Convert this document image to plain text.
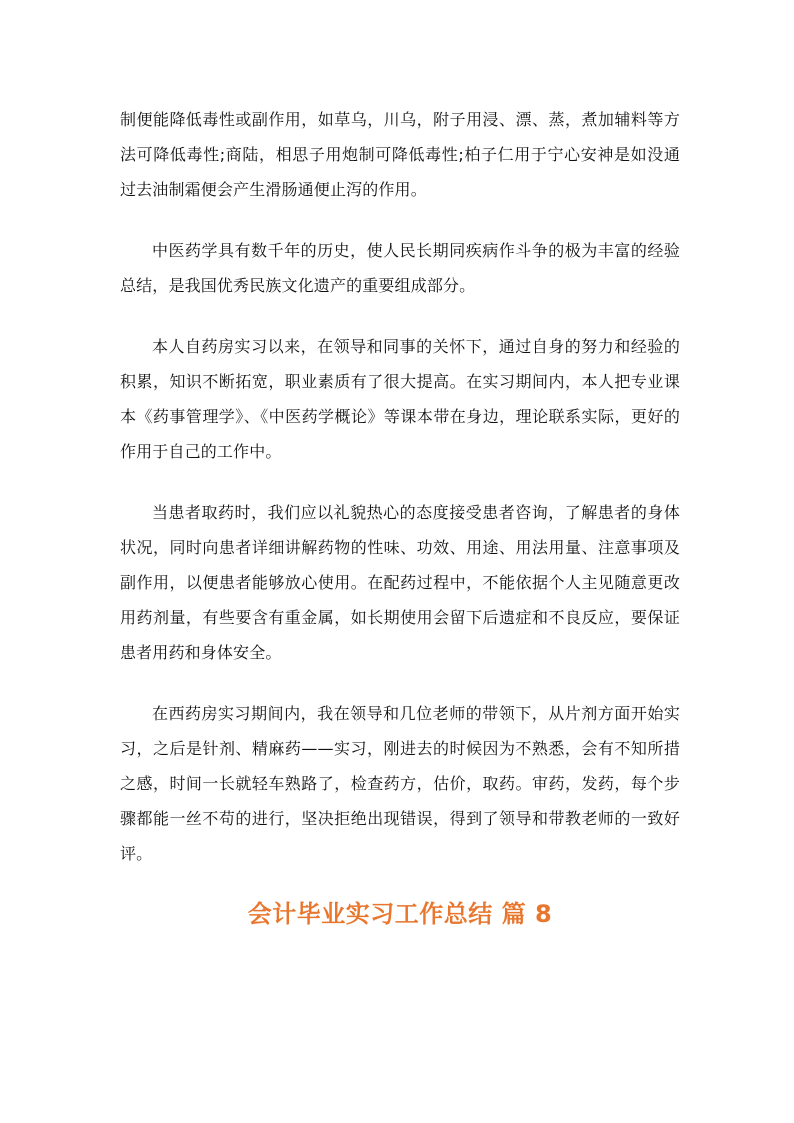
制便能降低毒性或副作用，如草乌，川乌，附子用浸、漂、蒸，煮加辅料等方法可降低毒性;商陆，相思子用炮制可降低毒性;柏子仁用于宁心安神是如没通过去油制霜便会产生滑肠通便止泻的作用。

中医药学具有数千年的历史，使人民长期同疾病作斗争的极为丰富的经验总结，是我国优秀民族文化遗产的重要组成部分。

本人自药房实习以来，在领导和同事的关怀下，通过自身的努力和经验的积累，知识不断拓宽，职业素质有了很大提高。在实习期间内，本人把专业课本《药事管理学》、《中医药学概论》等课本带在身边，理论联系实际，更好的作用于自己的工作中。

当患者取药时，我们应以礼貌热心的态度接受患者咨询，了解患者的身体状况，同时向患者详细讲解药物的性味、功效、用途、用法用量、注意事项及副作用，以便患者能够放心使用。在配药过程中，不能依据个人主见随意更改用药剂量，有些要含有重金属，如长期使用会留下后遗症和不良反应，要保证患者用药和身体安全。

在西药房实习期间内，我在领导和几位老师的带领下，从片剂方面开始实习，之后是针剂、精麻药——实习，刚进去的时候因为不熟悉，会有不知所措之感，时间一长就轻车熟路了，检查药方，估价，取药。审药，发药，每个步骤都能一丝不苟的进行，坚决拒绝出现错误，得到了领导和带教老师的一致好评。

会计毕业实习工作总结 篇 8
